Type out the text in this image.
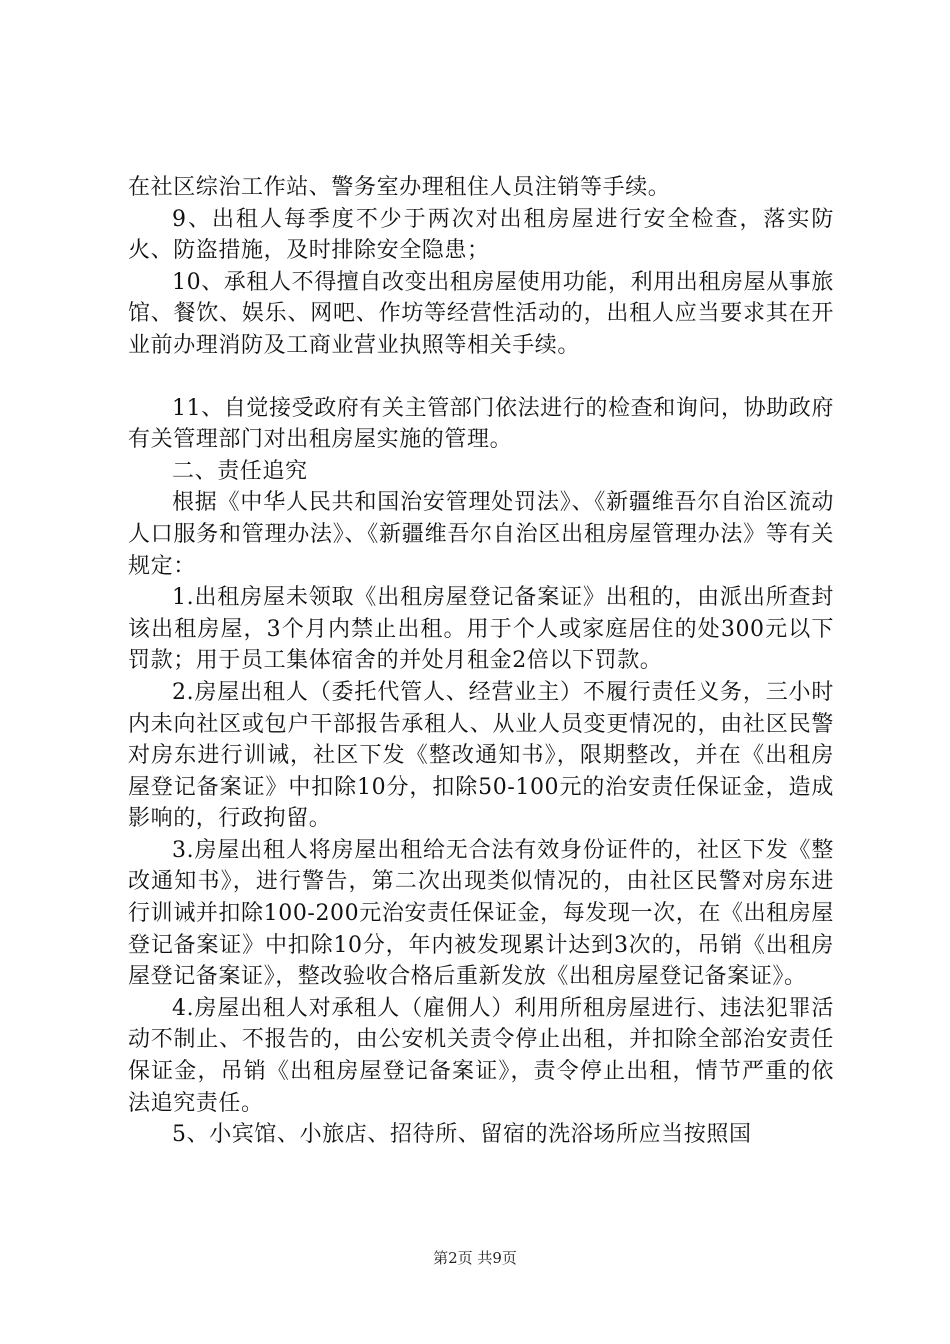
在社区综治工作站、警务室办理租住人员注销等手续。

9、出租人每季度不少于两次对出租房屋进行安全检查，落实防火、防盗措施，及时排除安全隐患；

10、承租人不得擅自改变出租房屋使用功能，利用出租房屋从事旅馆、餐饮、娱乐、网吧、作坊等经营性活动的，出租人应当要求其在开业前办理消防及工商业营业执照等相关手续。

11、自觉接受政府有关主管部门依法进行的检查和询问，协助政府有关管理部门对出租房屋实施的管理。

二、责任追究

根据《中华人民共和国治安管理处罚法》、《新疆维吾尔自治区流动人口服务和管理办法》、《新疆维吾尔自治区出租房屋管理办法》等有关规定：

1.出租房屋未领取《出租房屋登记备案证》出租的，由派出所查封该出租房屋，3个月内禁止出租。用于个人或家庭居住的处300元以下罚款；用于员工集体宿舍的并处月租金2倍以下罚款。

2.房屋出租人（委托代管人、经营业主）不履行责任义务，三小时内未向社区或包户干部报告承租人、从业人员变更情况的，由社区民警对房东进行训诫，社区下发《整改通知书》，限期整改，并在《出租房屋登记备案证》中扣除10分，扣除50-100元的治安责任保证金，造成影响的，行政拘留。

3.房屋出租人将房屋出租给无合法有效身份证件的，社区下发《整改通知书》，进行警告，第二次出现类似情况的，由社区民警对房东进行训诫并扣除100-200元治安责任保证金，每发现一次，在《出租房屋登记备案证》中扣除10分，年内被发现累计达到3次的，吊销《出租房屋登记备案证》，整改验收合格后重新发放《出租房屋登记备案证》。

4.房屋出租人对承租人（雇佣人）利用所租房屋进行、违法犯罪活动不制止、不报告的，由公安机关责令停止出租，并扣除全部治安责任保证金，吊销《出租房屋登记备案证》，责令停止出租，情节严重的依法追究责任。

5、小宾馆、小旅店、招待所、留宿的洗浴场所应当按照国

第2页 共9页
